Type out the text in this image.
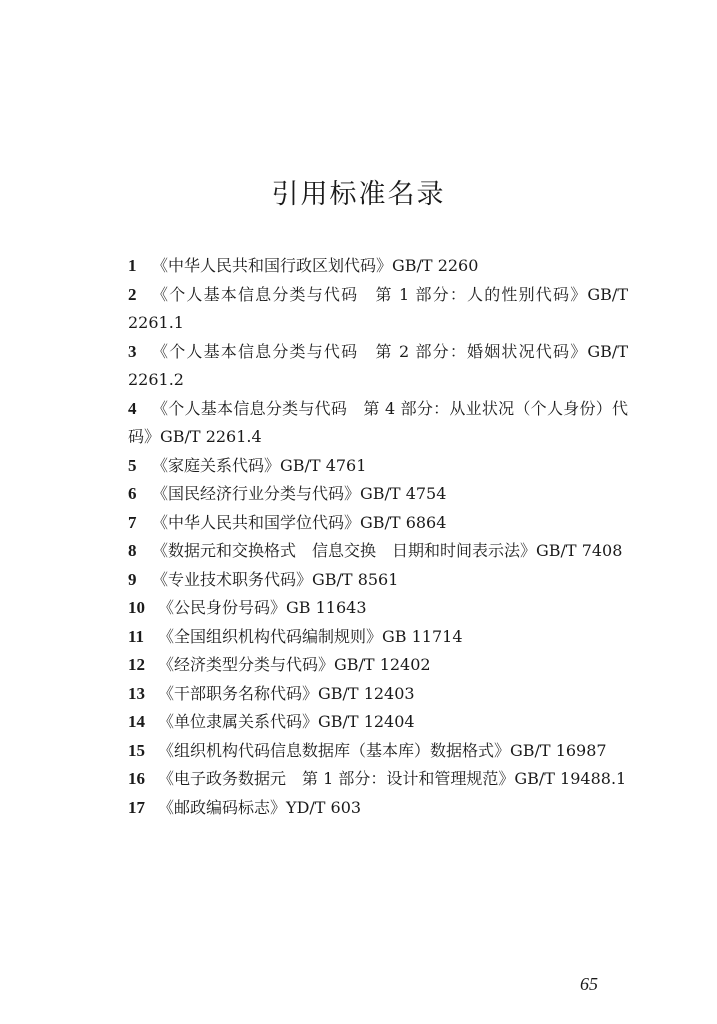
引用标准名录
1 《中华人民共和国行政区划代码》GB/T 2260
2 《个人基本信息分类与代码　第 1 部分：人的性别代码》GB/T 2261.1
3 《个人基本信息分类与代码　第 2 部分：婚姻状况代码》GB/T 2261.2
4 《个人基本信息分类与代码　第 4 部分：从业状况（个人身份）代码》GB/T 2261.4
5 《家庭关系代码》GB/T 4761
6 《国民经济行业分类与代码》GB/T 4754
7 《中华人民共和国学位代码》GB/T 6864
8 《数据元和交换格式　信息交换　日期和时间表示法》GB/T 7408
9 《专业技术职务代码》GB/T 8561
10 《公民身份号码》GB 11643
11 《全国组织机构代码编制规则》GB 11714
12 《经济类型分类与代码》GB/T 12402
13 《干部职务名称代码》GB/T 12403
14 《单位隶属关系代码》GB/T 12404
15 《组织机构代码信息数据库（基本库）数据格式》GB/T 16987
16 《电子政务数据元　第 1 部分：设计和管理规范》GB/T 19488.1
17 《邮政编码标志》YD/T 603
65
